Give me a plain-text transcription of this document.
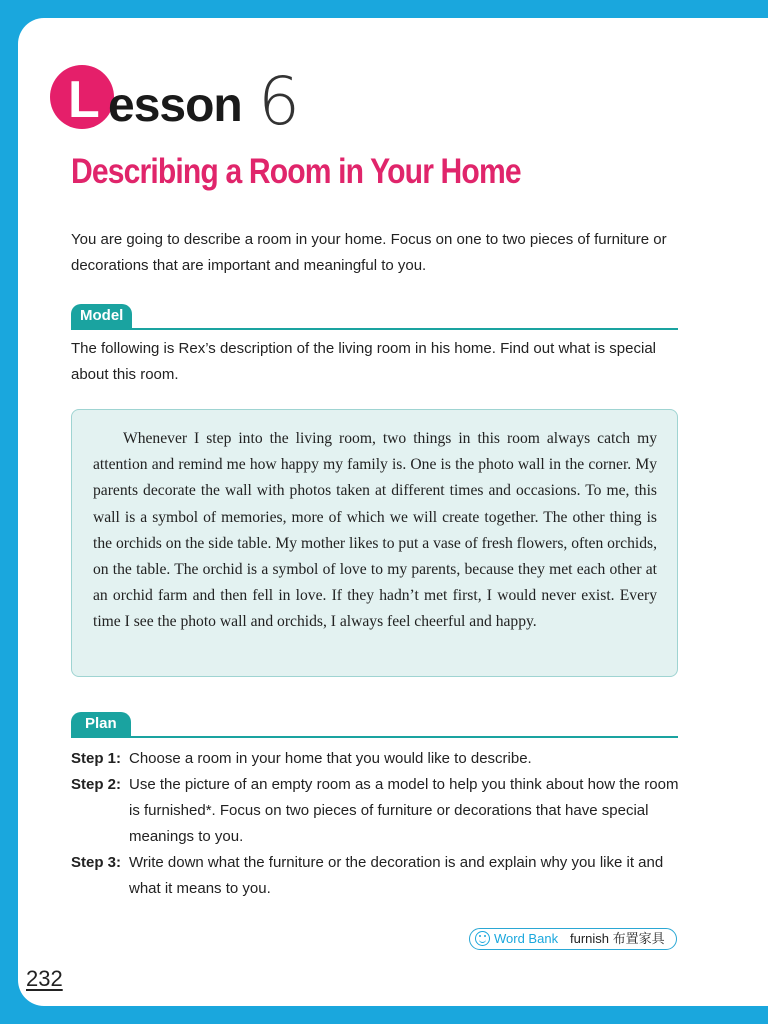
L esson 6
Describing a Room in Your Home
You are going to describe a room in your home. Focus on one to two pieces of furniture or decorations that are important and meaningful to you.
Model
The following is Rex’s description of the living room in his home. Find out what is special about this room.
Whenever I step into the living room, two things in this room always catch my attention and remind me how happy my family is. One is the photo wall in the corner. My parents decorate the wall with photos taken at different times and occasions. To me, this wall is a symbol of memories, more of which we will create together. The other thing is the orchids on the side table. My mother likes to put a vase of fresh flowers, often orchids, on the table. The orchid is a symbol of love to my parents, because they met each other at an orchid farm and then fell in love. If they hadn’t met first, I would never exist. Every time I see the photo wall and orchids, I always feel cheerful and happy.
Plan
Step 1: Choose a room in your home that you would like to describe.
Step 2: Use the picture of an empty room as a model to help you think about how the room is furnished*. Focus on two pieces of furniture or decorations that have special meanings to you.
Step 3: Write down what the furniture or the decoration is and explain why you like it and what it means to you.
Word Bank furnish 布置家具
232
